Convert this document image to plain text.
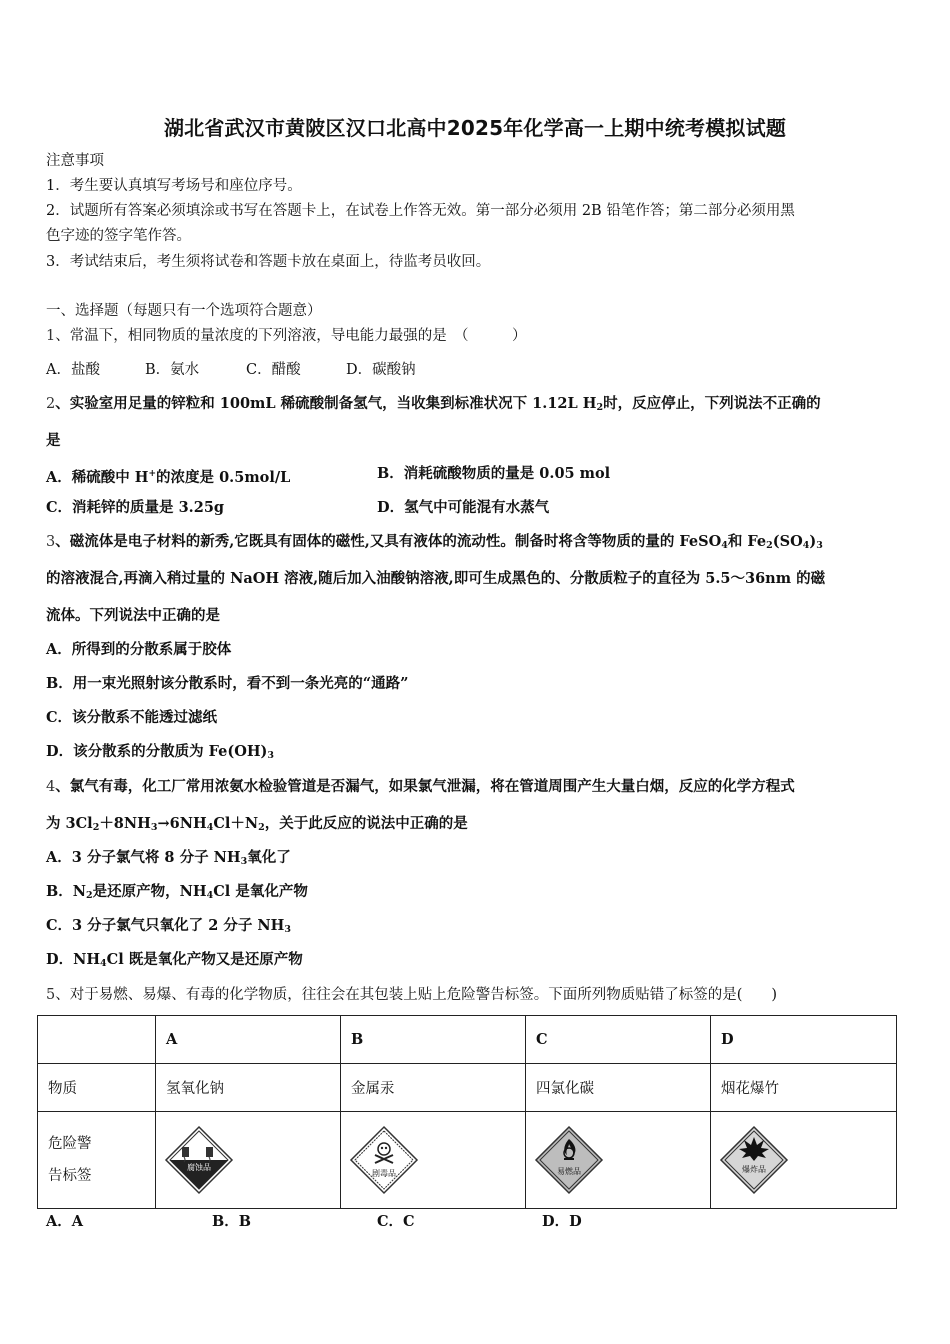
湖北省武汉市黄陂区汉口北高中2025年化学高一上期中统考模拟试题
注意事项
1．考生要认真填写考场号和座位序号。
2．试题所有答案必须填涂或书写在答题卡上，在试卷上作答无效。第一部分必须用 2B 铅笔作答；第二部分必须用黑
色字迹的签字笔作答。
3．考试结束后，考生须将试卷和答题卡放在桌面上，待监考员收回。
一、选择题（每题只有一个选项符合题意）
1、常温下，相同物质的量浓度的下列溶液，导电能力最强的是　（　　　）
A．盐酸	B．氨水	C．醋酸	D．碳酸钠
2、实验室用足量的锌粒和 100mL 稀硫酸制备氢气，当收集到标准状况下 1.12L $H_2$时，反应停止，下列说法不正确的
是
A．稀硫酸中 H+的浓度是 0.5mol/L	B．消耗硫酸物质的量是 0.05 mol
C．消耗锌的质量是 3.25g	D．氢气中可能混有水蒸气
3、磁流体是电子材料的新秀,它既具有固体的磁性,又具有液体的流动性。制备时将含等物质的量的 FeSO$_4$和 $Fe_2(SO_4)_3$
的溶液混合,再滴入稍过量的 NaOH 溶液,随后加入油酸钠溶液,即可生成黑色的、分散质粒子的直径为 5.5～36nm 的磁
流体。下列说法中正确的是
A．所得到的分散系属于胶体
B．用一束光照射该分散系时，看不到一条光亮的“通路”
C．该分散系不能透过滤纸
D．该分散系的分散质为 $Fe(OH)_3$
4、氯气有毒，化工厂常用浓氨水检验管道是否漏气，如果氯气泄漏，将在管道周围产生大量白烟，反应的化学方程式
为 $3Cl_2+8NH_3\to 6NH_4Cl+N_2$，关于此反应的说法中正确的是
A．3 分子氯气将 8 分子 $NH_3$氧化了
B．$N_2$是还原产物，$NH_4Cl$ 是氧化产物
C．3 分子氯气只氧化了 2 分子 $NH_3$
D．$NH_4Cl$ 既是氧化产物又是还原产物
5、对于易燃、易爆、有毒的化学物质，往往会在其包装上贴上危险警告标签。下面所列物质贴错了标签的是(　　)
	A	B	C	D
物质	氢氧化钠	金属汞	四氯化碳	烟花爆竹

危险警
告标签	腐蚀品	剧毒品	易燃品	爆炸品
A．A	B．B	C．C	D．D
